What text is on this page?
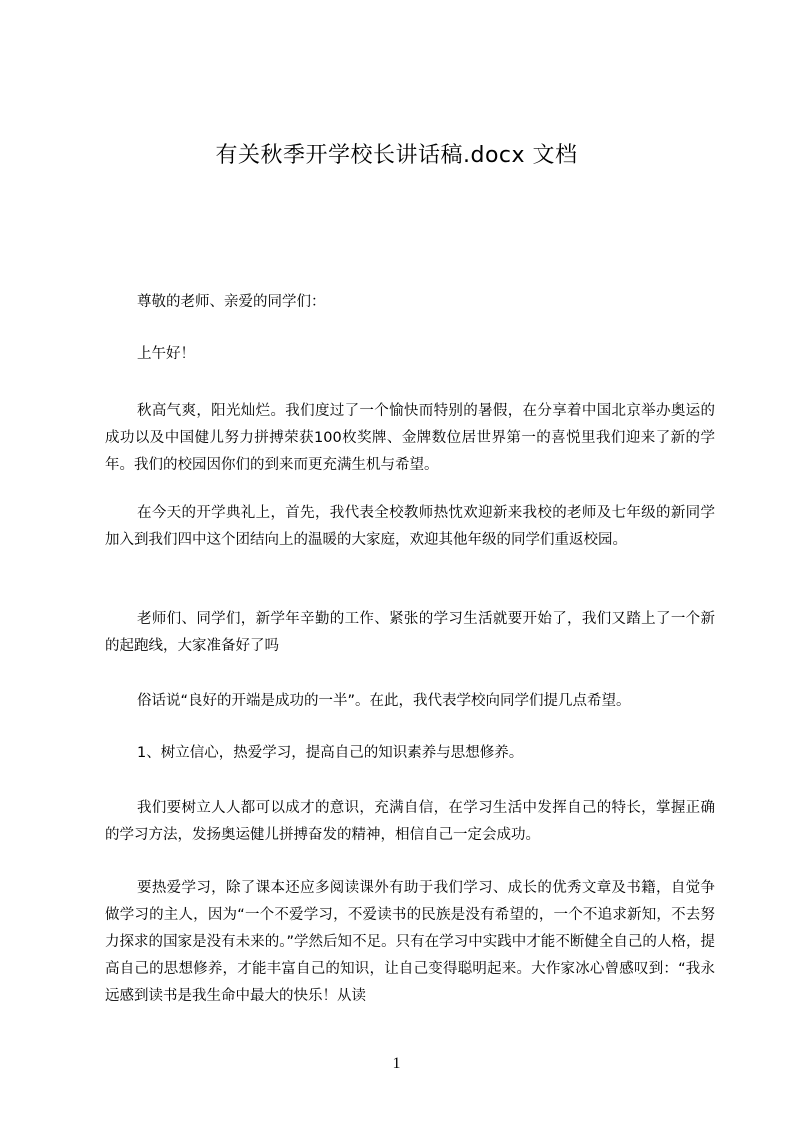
有关秋季开学校长讲话稿.docx 文档
尊敬的老师、亲爱的同学们：
上午好！
秋高气爽，阳光灿烂。我们度过了一个愉快而特别的暑假，在分享着中国北京举办奥运的成功以及中国健儿努力拼搏荣获100枚奖牌、金牌数位居世界第一的喜悦里我们迎来了新的学年。我们的校园因你们的到来而更充满生机与希望。
在今天的开学典礼上，首先，我代表全校教师热忱欢迎新来我校的老师及七年级的新同学加入到我们四中这个团结向上的温暖的大家庭，欢迎其他年级的同学们重返校园。
老师们、同学们，新学年辛勤的工作、紧张的学习生活就要开始了，我们又踏上了一个新的起跑线，大家准备好了吗
俗话说“良好的开端是成功的一半”。在此，我代表学校向同学们提几点希望。
1、树立信心，热爱学习，提高自己的知识素养与思想修养。
我们要树立人人都可以成才的意识，充满自信，在学习生活中发挥自己的特长，掌握正确的学习方法，发扬奥运健儿拼搏奋发的精神，相信自己一定会成功。
要热爱学习，除了课本还应多阅读课外有助于我们学习、成长的优秀文章及书籍，自觉争做学习的主人，因为“一个不爱学习，不爱读书的民族是没有希望的，一个不追求新知，不去努力探求的国家是没有未来的。”学然后知不足。只有在学习中实践中才能不断健全自己的人格，提高自己的思想修养，才能丰富自己的知识，让自己变得聪明起来。大作家冰心曾感叹到：“我永远感到读书是我生命中最大的快乐！从读
1
